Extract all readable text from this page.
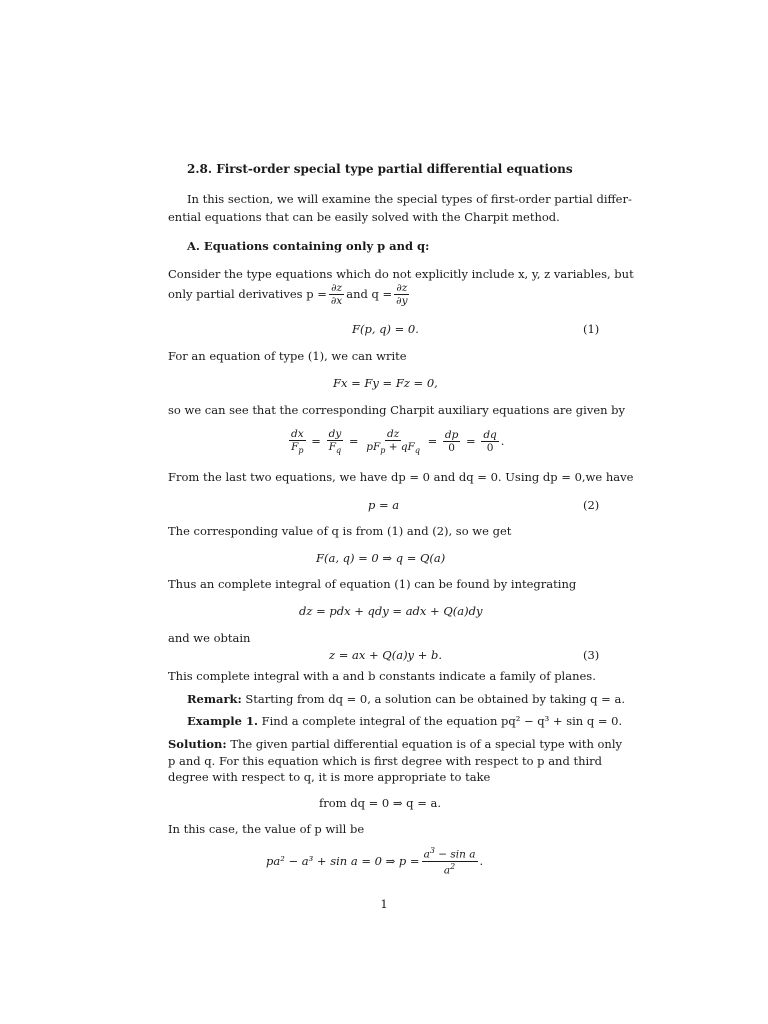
2.8. First-order special type partial differential equations
In this section, we will examine the special types of first-order partial differ-
ential equations that can be easily solved with the Charpit method.
A. Equations containing only p and q:
Consider the type equations which do not explicitly include x, y, z variables, but
only partial derivatives $p = \frac{\partial z}{\partial x}$ and $q = \frac{\partial z}{\partial y}$
F(p, q) = 0.	(1)
For an equation of type (1), we can write
Fx = Fy = Fz = 0,
so we can see that the corresponding Charpit auxiliary equations are given by
$\frac{dx}{F_p} = \frac{dy}{F_q} = \frac{dz}{pF_p + qF_q} = \frac{dp}{0} = \frac{dq}{0}$ .
From the last two equations, we have dp = 0 and dq = 0. Using dp = 0,we have
p = a	(2)
The corresponding value of q is from (1) and (2), so we get
F(a, q) = 0 ⇒ q = Q(a)
Thus an complete integral of equation (1) can be found by integrating
dz = pdx + qdy = adx + Q(a)dy
and we obtain
z = ax + Q(a)y + b.	(3)
This complete integral with a and b constants indicate a family of planes.
Remark: Starting from dq = 0, a solution can be obtained by taking q = a.
Example 1. Find a complete integral of the equation pq² − q³ + sin q = 0.
Solution: The given partial differential equation is of a special type with only
p and q. For this equation which is first degree with respect to p and third
degree with respect to q, it is more appropriate to take
from dq = 0 ⇒ q = a.
In this case, the value of p will be
pa² − a³ + sin a = 0 ⇒ $p = \frac{a^3 - \sin a}{a^2}$ .
1
